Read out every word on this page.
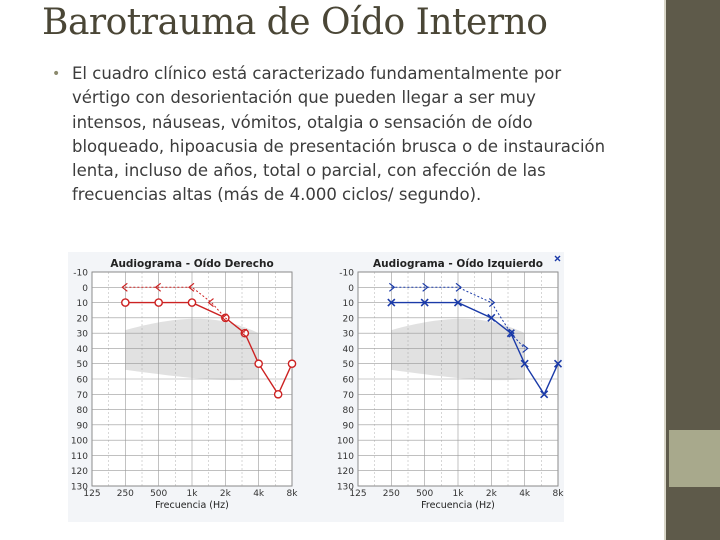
Barotrauma de Oído Interno
• El cuadro clínico está caracterizado fundamentalmente por vértigo con desorientación que pueden llegar a ser muy intensos, náuseas, vómitos, otalgia o sensación de oído bloqueado, hipoacusia de presentación brusca o de instauración lenta, incluso de años, total o parcial, con afección de las frecuencias altas (más de 4.000 ciclos/ segundo).
-10
0
10
20
30
40
50
60
70
80
90
100
110
120
130
125 250 500 1k 2k 4k 8k
Audiograma - Oído Derecho
Frecuencia (Hz)
-10
0
10
20
30
40
50
60
70
80
90
100
110
120
130
125 250 500 1k 2k 4k 8k
Audiograma - Oído Izquierdo
Frecuencia (Hz)
